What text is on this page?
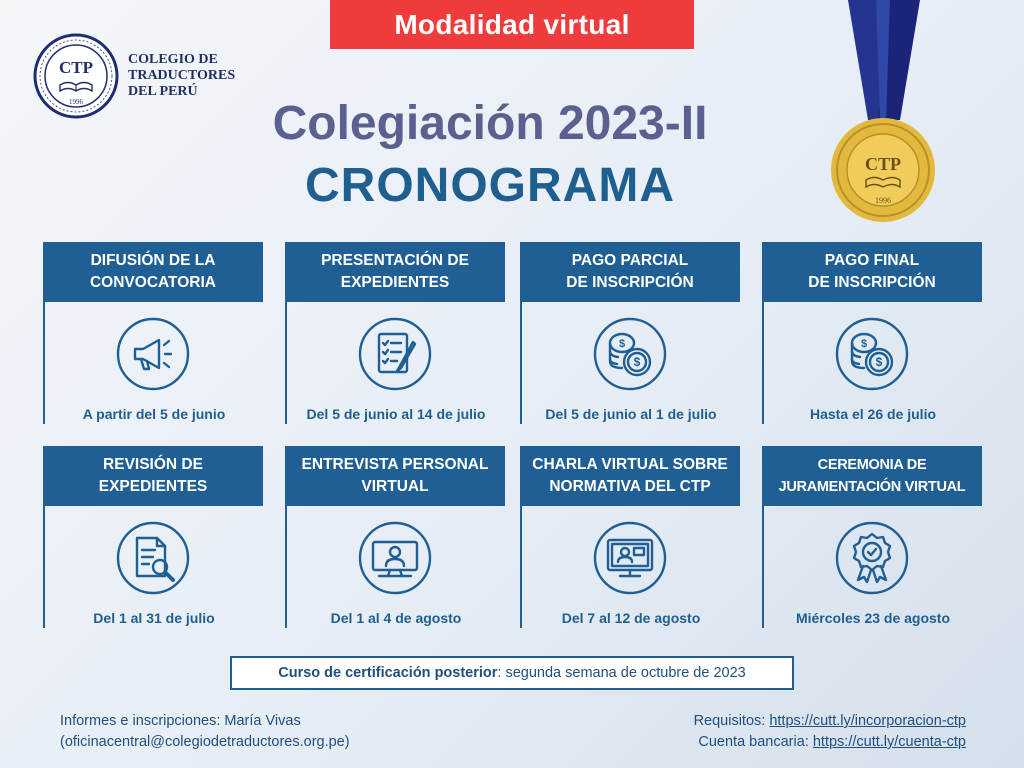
Modalidad virtual
CTP
1996
COLEGIO DE
TRADUCTORES
DEL PERÚ
Colegiación 2023-II
CRONOGRAMA	CTP
1996
DIFUSIÓN DE LA
CONVOCATORIA
A partir del 5 de junio
PRESENTACIÓN DE
EXPEDIENTES
Del 5 de junio al 14 de julio
PAGO PARCIAL
DE INSCRIPCIÓN
$
$
Del 5 de junio al 1 de julio
PAGO FINAL
DE INSCRIPCIÓN
$
$
Hasta el 26 de julio
REVISIÓN DE
EXPEDIENTES
Del 1 al 31 de julio
ENTREVISTA PERSONAL
VIRTUAL
Del 1 al 4 de agosto
CHARLA VIRTUAL SOBRE
NORMATIVA DEL CTP
Del 7 al 12 de agosto
CEREMONIA DE
JURAMENTACIÓN VIRTUAL
Miércoles 23 de agosto
Curso de certificación posterior : segunda semana de octubre de 2023
Informes e inscripciones: María Vivas
(oficinacentral@colegiodetraductores.org.pe)
Requisitos: https://cutt.ly/incorporacion-ctp
Cuenta bancaria: https://cutt.ly/cuenta-ctp
